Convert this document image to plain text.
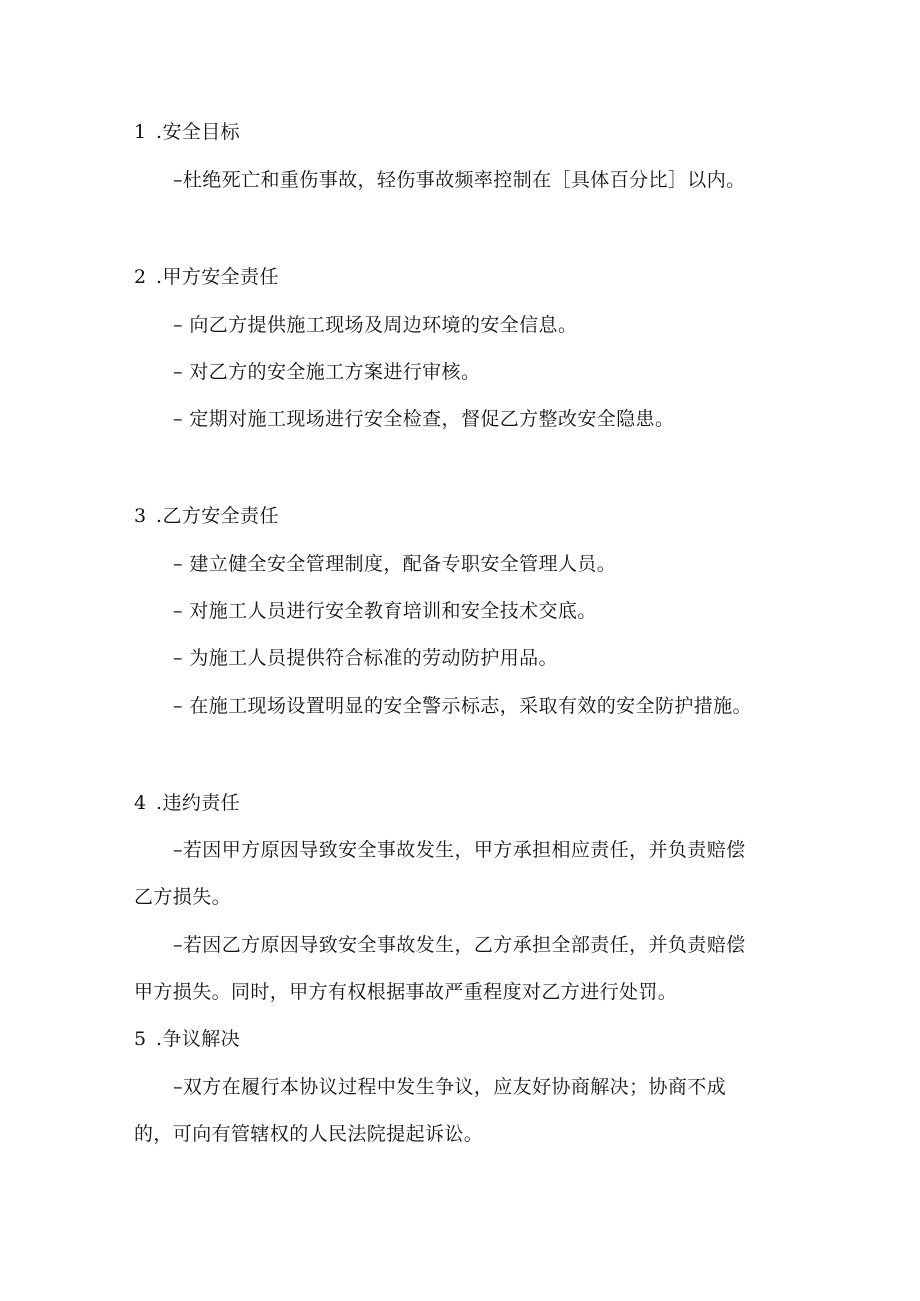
1 .安全目标
–杜绝死亡和重伤事故，轻伤事故频率控制在［具体百分比］以内。
2 .甲方安全责任
– 向乙方提供施工现场及周边环境的安全信息。
– 对乙方的安全施工方案进行审核。
– 定期对施工现场进行安全检查，督促乙方整改安全隐患。
3 .乙方安全责任
– 建立健全安全管理制度，配备专职安全管理人员。
– 对施工人员进行安全教育培训和安全技术交底。
– 为施工人员提供符合标准的劳动防护用品。
– 在施工现场设置明显的安全警示标志，采取有效的安全防护措施。
4 .违约责任
–若因甲方原因导致安全事故发生，甲方承担相应责任，并负责赔偿
乙方损失。
–若因乙方原因导致安全事故发生，乙方承担全部责任，并负责赔偿
甲方损失。同时，甲方有权根据事故严重程度对乙方进行处罚。
5 .争议解决
–双方在履行本协议过程中发生争议，应友好协商解决；协商不成
的，可向有管辖权的人民法院提起诉讼。
